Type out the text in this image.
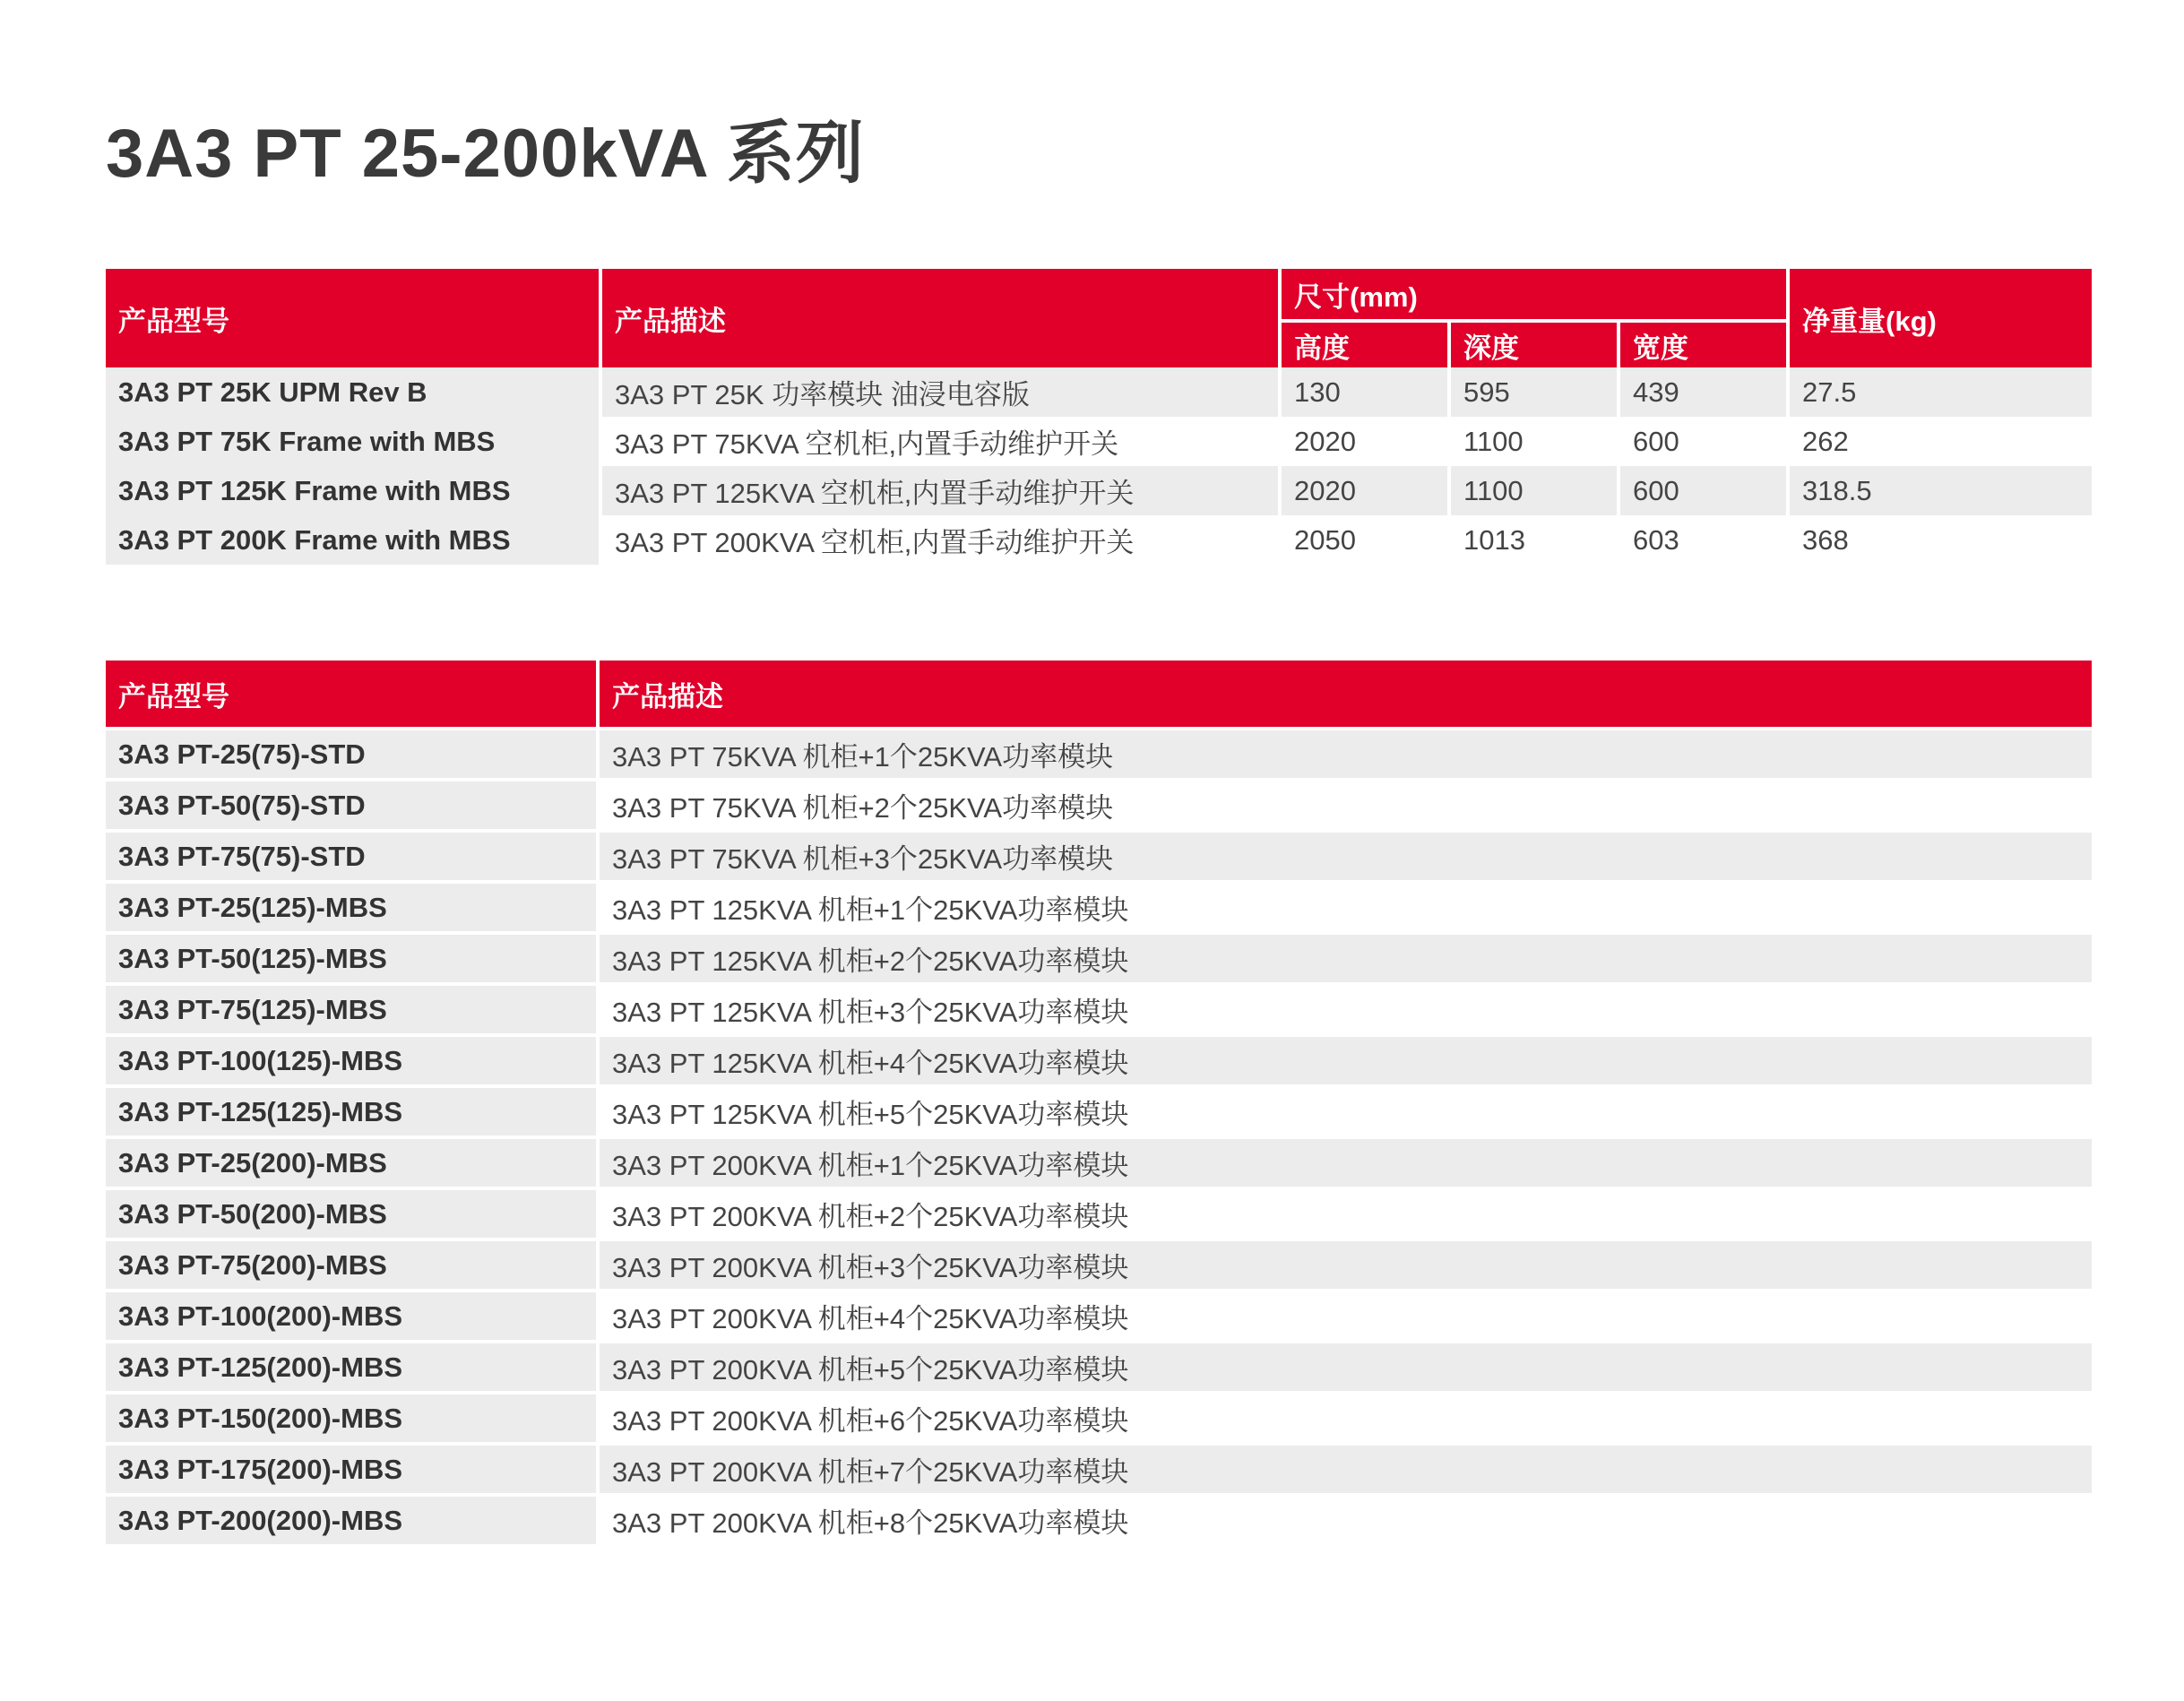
3A3 PT 25-200kVA 系列
产品型号	产品描述	尺寸(mm)			净重量(kg)
		高度	深度	宽度	
3A3 PT 25K UPM Rev B	3A3 PT 25K 功率模块 油浸电容版	130	595	439	27.5
3A3 PT 75K Frame with MBS	3A3 PT 75KVA 空机柜,内置手动维护开关	2020	1100	600	262
3A3 PT 125K Frame with MBS	3A3 PT 125KVA 空机柜,内置手动维护开关	2020	1100	600	318.5
3A3 PT 200K Frame with MBS	3A3 PT 200KVA 空机柜,内置手动维护开关	2050	1013	603	368
产品型号	产品描述
3A3 PT-25(75)-STD	3A3 PT 75KVA 机柜+1个25KVA功率模块
3A3 PT-50(75)-STD	3A3 PT 75KVA 机柜+2个25KVA功率模块
3A3 PT-75(75)-STD	3A3 PT 75KVA 机柜+3个25KVA功率模块
3A3 PT-25(125)-MBS	3A3 PT 125KVA 机柜+1个25KVA功率模块
3A3 PT-50(125)-MBS	3A3 PT 125KVA 机柜+2个25KVA功率模块
3A3 PT-75(125)-MBS	3A3 PT 125KVA 机柜+3个25KVA功率模块
3A3 PT-100(125)-MBS	3A3 PT 125KVA 机柜+4个25KVA功率模块
3A3 PT-125(125)-MBS	3A3 PT 125KVA 机柜+5个25KVA功率模块
3A3 PT-25(200)-MBS	3A3 PT 200KVA 机柜+1个25KVA功率模块
3A3 PT-50(200)-MBS	3A3 PT 200KVA 机柜+2个25KVA功率模块
3A3 PT-75(200)-MBS	3A3 PT 200KVA 机柜+3个25KVA功率模块
3A3 PT-100(200)-MBS	3A3 PT 200KVA 机柜+4个25KVA功率模块
3A3 PT-125(200)-MBS	3A3 PT 200KVA 机柜+5个25KVA功率模块
3A3 PT-150(200)-MBS	3A3 PT 200KVA 机柜+6个25KVA功率模块
3A3 PT-175(200)-MBS	3A3 PT 200KVA 机柜+7个25KVA功率模块
3A3 PT-200(200)-MBS	3A3 PT 200KVA 机柜+8个25KVA功率模块
